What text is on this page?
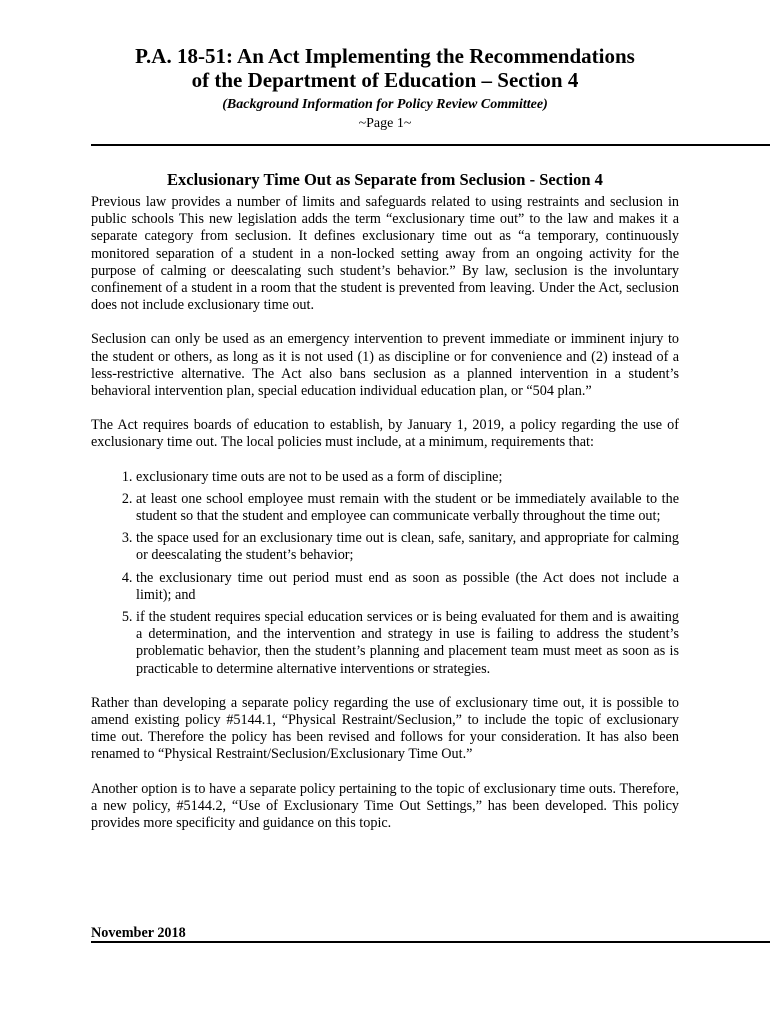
P.A. 18-51: An Act Implementing the Recommendations
of the Department of Education – Section 4

(Background Information for Policy Review Committee)

~Page 1~

Exclusionary Time Out as Separate from Seclusion - Section 4

Previous law provides a number of limits and safeguards related to using restraints and seclusion in public schools This new legislation adds the term “exclusionary time out” to the law and makes it a separate category from seclusion. It defines exclusionary time out as “a temporary, continuously monitored separation of a student in a non-locked setting away from an ongoing activity for the purpose of calming or deescalating such student’s behavior.” By law, seclusion is the involuntary confinement of a student in a room that the student is prevented from leaving. Under the Act, seclusion does not include exclusionary time out.

Seclusion can only be used as an emergency intervention to prevent immediate or imminent injury to the student or others, as long as it is not used (1) as discipline or for convenience and (2) instead of a less-restrictive alternative. The Act also bans seclusion as a planned intervention in a student’s behavioral intervention plan, special education individual education plan, or “504 plan.”

The Act requires boards of education to establish, by January 1, 2019, a policy regarding the use of exclusionary time out. The local policies must include, at a minimum, requirements that:

1. exclusionary time outs are not to be used as a form of discipline;
2. at least one school employee must remain with the student or be immediately available to the student so that the student and employee can communicate verbally throughout the time out;
3. the space used for an exclusionary time out is clean, safe, sanitary, and appropriate for calming or deescalating the student’s behavior;
4. the exclusionary time out period must end as soon as possible (the Act does not include a limit); and
5. if the student requires special education services or is being evaluated for them and is awaiting a determination, and the intervention and strategy in use is failing to address the student’s problematic behavior, then the student’s planning and placement team must meet as soon as is practicable to determine alternative interventions or strategies.

Rather than developing a separate policy regarding the use of exclusionary time out, it is possible to amend existing policy #5144.1, “Physical Restraint/Seclusion,” to include the topic of exclusionary time out. Therefore the policy has been revised and follows for your consideration. It has also been renamed to “Physical Restraint/Seclusion/Exclusionary Time Out.”

Another option is to have a separate policy pertaining to the topic of exclusionary time outs. Therefore, a new policy, #5144.2, “Use of Exclusionary Time Out Settings,” has been developed. This policy provides more specificity and guidance on this topic.

November 2018
